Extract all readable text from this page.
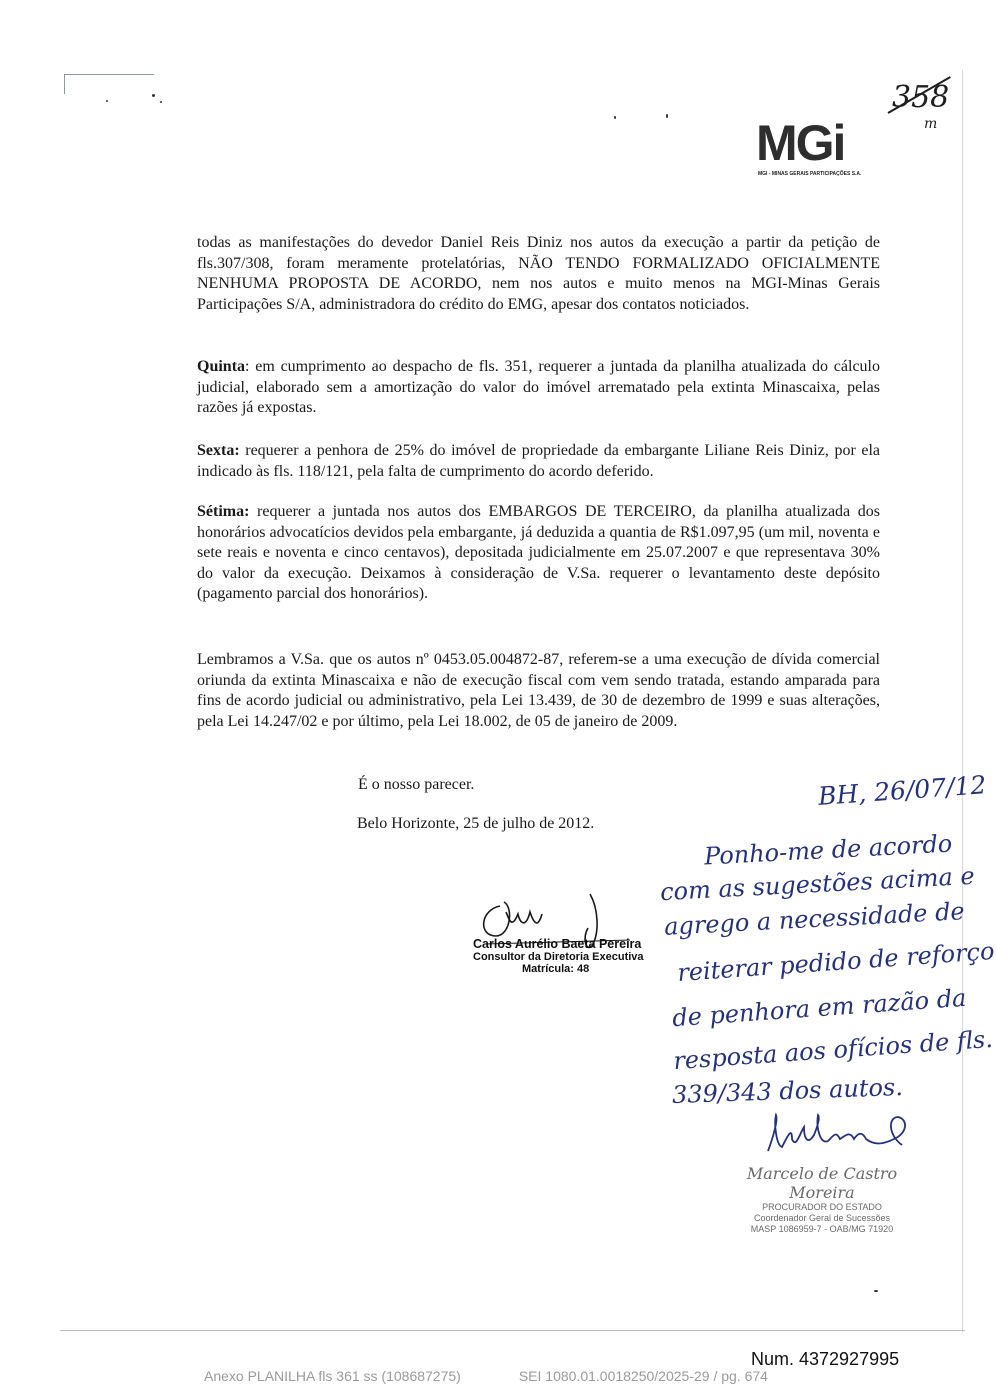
MGi
MGI - MINAS GERAIS PARTICIPAÇÕES S.A.
358
m

todas as manifestações do devedor Daniel Reis Diniz nos autos da execução a partir da petição de fls.307/308, foram meramente protelatórias, NÃO TENDO FORMALIZADO OFICIALMENTE NENHUMA PROPOSTA DE ACORDO, nem nos autos e muito menos na MGI-Minas Gerais Participações S/A, administradora do crédito do EMG, apesar dos contatos noticiados.

Quinta: em cumprimento ao despacho de fls. 351, requerer a juntada da planilha atualizada do cálculo judicial, elaborado sem a amortização do valor do imóvel arrematado pela extinta Minascaixa, pelas razões já expostas.

Sexta: requerer a penhora de 25% do imóvel de propriedade da embargante Liliane Reis Diniz, por ela indicado às fls. 118/121, pela falta de cumprimento do acordo deferido.

Sétima: requerer a juntada nos autos dos EMBARGOS DE TERCEIRO, da planilha atualizada dos honorários advocatícios devidos pela embargante, já deduzida a quantia de R$1.097,95 (um mil, noventa e sete reais e noventa e cinco centavos), depositada judicialmente em 25.07.2007 e que representava 30% do valor da execução. Deixamos à consideração de V.Sa. requerer o levantamento deste depósito (pagamento parcial dos honorários).

Lembramos a V.Sa. que os autos nº 0453.05.004872-87, referem-se a uma execução de dívida comercial oriunda da extinta Minascaixa e não de execução fiscal com vem sendo tratada, estando amparada para fins de acordo judicial ou administrativo, pela Lei 13.439, de 30 de dezembro de 1999 e suas alterações, pela Lei 14.247/02 e por último, pela Lei 18.002, de 05 de janeiro de 2009.

É o nosso parecer.
Belo Horizonte, 25 de julho de 2012.
Carlos Aurélio Baeta Pereira
Consultor da Diretoria Executiva
Matrícula: 48
BH, 26/07/12
Ponho-me de acordo
com as sugestões acima e
agrego a necessidade de
reiterar pedido de reforço
de penhora em razão da
resposta aos ofícios de fls.
339/343 dos autos.
Marcelo de Castro Moreira
PROCURADOR DO ESTADO
Coordenador Geral de Sucessões
MASP 1086959-7 - OAB/MG 71920
Num. 4372927995
Anexo PLANILHA fls 361 ss (108687275)	SEI 1080.01.0018250/2025-29 / pg. 674
